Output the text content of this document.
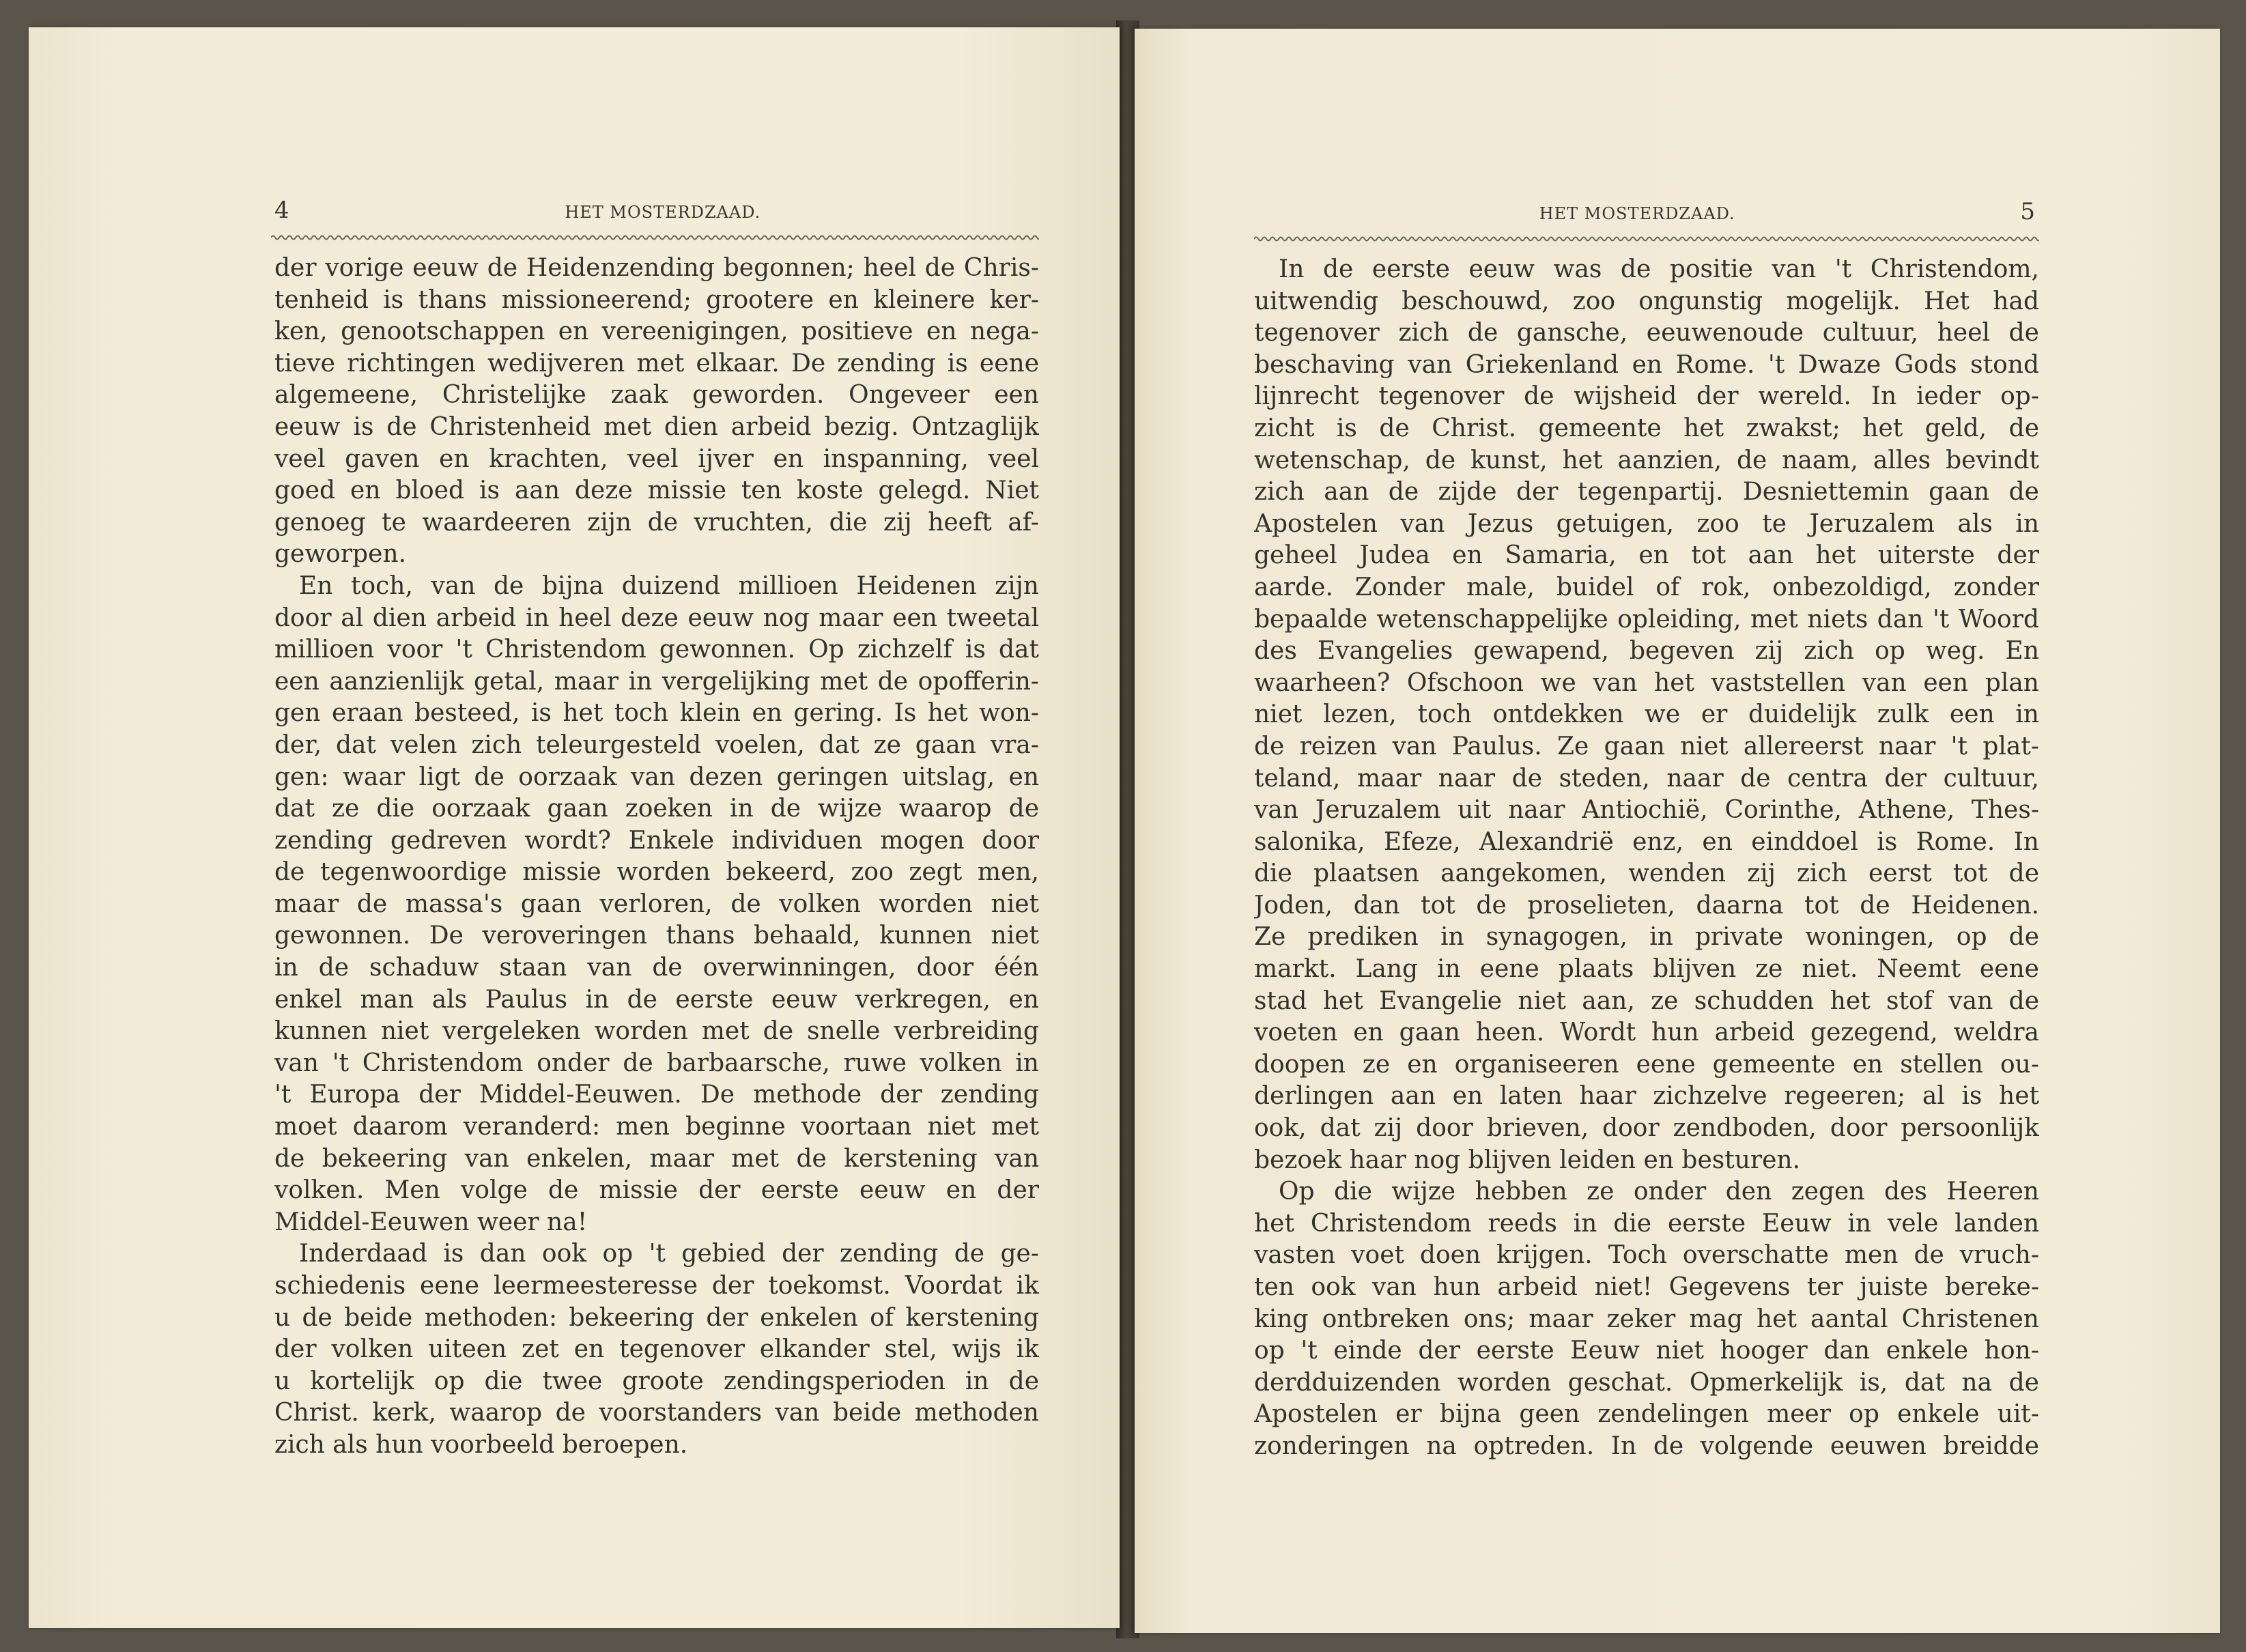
4	HET MOSTERDZAAD.
der vorige eeuw de Heidenzending begonnen; heel de Chris-
tenheid is thans missioneerend; grootere en kleinere ker-
ken, genootschappen en vereenigingen, positieve en nega-
tieve richtingen wedijveren met elkaar. De zending is eene
algemeene, Christelijke zaak geworden. Ongeveer een
eeuw is de Christenheid met dien arbeid bezig. Ontzaglijk
veel gaven en krachten, veel ijver en inspanning, veel
goed en bloed is aan deze missie ten koste gelegd. Niet
genoeg te waardeeren zijn de vruchten, die zij heeft af-
geworpen.
En toch, van de bijna duizend millioen Heidenen zijn
door al dien arbeid in heel deze eeuw nog maar een tweetal
millioen voor 't Christendom gewonnen. Op zichzelf is dat
een aanzienlijk getal, maar in vergelijking met de opofferin-
gen eraan besteed, is het toch klein en gering. Is het won-
der, dat velen zich teleurgesteld voelen, dat ze gaan vra-
gen: waar ligt de oorzaak van dezen geringen uitslag, en
dat ze die oorzaak gaan zoeken in de wijze waarop de
zending gedreven wordt? Enkele individuen mogen door
de tegenwoordige missie worden bekeerd, zoo zegt men,
maar de massa's gaan verloren, de volken worden niet
gewonnen. De veroveringen thans behaald, kunnen niet
in de schaduw staan van de overwinningen, door één
enkel man als Paulus in de eerste eeuw verkregen, en
kunnen niet vergeleken worden met de snelle verbreiding
van 't Christendom onder de barbaarsche, ruwe volken in
't Europa der Middel-Eeuwen. De methode der zending
moet daarom veranderd: men beginne voortaan niet met
de bekeering van enkelen, maar met de kerstening van
volken. Men volge de missie der eerste eeuw en der
Middel-Eeuwen weer na!
Inderdaad is dan ook op 't gebied der zending de ge-
schiedenis eene leermeesteresse der toekomst. Voordat ik
u de beide methoden: bekeering der enkelen of kerstening
der volken uiteen zet en tegenover elkander stel, wijs ik
u kortelijk op die twee groote zendingsperioden in de
Christ. kerk, waarop de voorstanders van beide methoden
zich als hun voorbeeld beroepen.
HET MOSTERDZAAD.	5
In de eerste eeuw was de positie van 't Christendom,
uitwendig beschouwd, zoo ongunstig mogelijk. Het had
tegenover zich de gansche, eeuwenoude cultuur, heel de
beschaving van Griekenland en Rome. 't Dwaze Gods stond
lijnrecht tegenover de wijsheid der wereld. In ieder op-
zicht is de Christ. gemeente het zwakst; het geld, de
wetenschap, de kunst, het aanzien, de naam, alles bevindt
zich aan de zijde der tegenpartij. Desniettemin gaan de
Apostelen van Jezus getuigen, zoo te Jeruzalem als in
geheel Judea en Samaria, en tot aan het uiterste der
aarde. Zonder male, buidel of rok, onbezoldigd, zonder
bepaalde wetenschappelijke opleiding, met niets dan 't Woord
des Evangelies gewapend, begeven zij zich op weg. En
waarheen? Ofschoon we van het vaststellen van een plan
niet lezen, toch ontdekken we er duidelijk zulk een in
de reizen van Paulus. Ze gaan niet allereerst naar 't plat-
teland, maar naar de steden, naar de centra der cultuur,
van Jeruzalem uit naar Antiochië, Corinthe, Athene, Thes-
salonika, Efeze, Alexandrië enz, en einddoel is Rome. In
die plaatsen aangekomen, wenden zij zich eerst tot de
Joden, dan tot de proselieten, daarna tot de Heidenen.
Ze prediken in synagogen, in private woningen, op de
markt. Lang in eene plaats blijven ze niet. Neemt eene
stad het Evangelie niet aan, ze schudden het stof van de
voeten en gaan heen. Wordt hun arbeid gezegend, weldra
doopen ze en organiseeren eene gemeente en stellen ou-
derlingen aan en laten haar zichzelve regeeren; al is het
ook, dat zij door brieven, door zendboden, door persoonlijk
bezoek haar nog blijven leiden en besturen.
Op die wijze hebben ze onder den zegen des Heeren
het Christendom reeds in die eerste Eeuw in vele landen
vasten voet doen krijgen. Toch overschatte men de vruch-
ten ook van hun arbeid niet! Gegevens ter juiste bereke-
king ontbreken ons; maar zeker mag het aantal Christenen
op 't einde der eerste Eeuw niet hooger dan enkele hon-
derdduizenden worden geschat. Opmerkelijk is, dat na de
Apostelen er bijna geen zendelingen meer op enkele uit-
zonderingen na optreden. In de volgende eeuwen breidde
